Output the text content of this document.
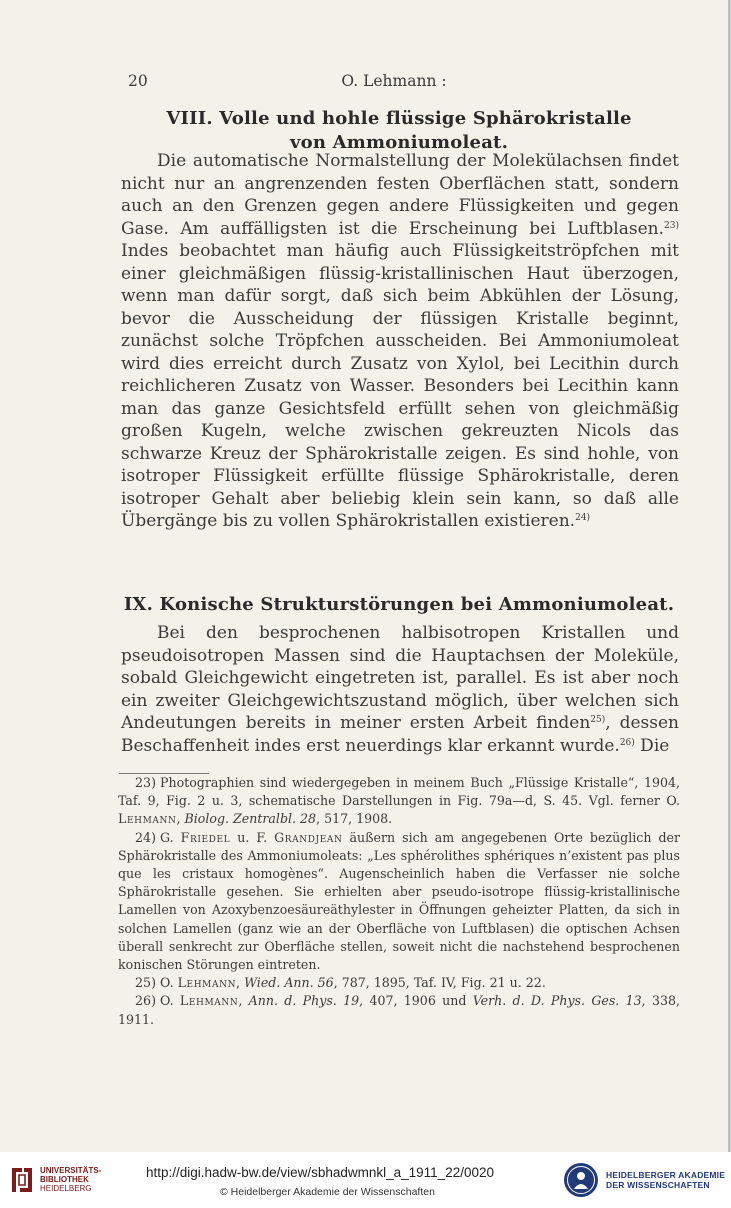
20	O. Lehmann :
VIII. Volle und hohle flüssige Sphärokristalle
von Ammoniumoleat.

Die automatische Normalstellung der Molekülachsen findet nicht nur an angrenzenden festen Oberflächen statt, sondern auch an den Grenzen gegen andere Flüssigkeiten und gegen Gase. Am auffälligsten ist die Erscheinung bei Luftblasen.$^{23)}$ Indes beobachtet man häufig auch Flüssigkeitströpfchen mit einer gleichmäßigen flüssig-kristallinischen Haut überzogen, wenn man dafür sorgt, daß sich beim Abkühlen der Lösung, bevor die Ausscheidung der flüssigen Kristalle beginnt, zunächst solche Tröpfchen ausscheiden. Bei Ammoniumoleat wird dies erreicht durch Zusatz von Xylol, bei Lecithin durch reichlicheren Zusatz von Wasser. Besonders bei Lecithin kann man das ganze Gesichtsfeld erfüllt sehen von gleichmäßig großen Kugeln, welche zwischen gekreuzten Nicols das schwarze Kreuz der Sphärokristalle zeigen. Es sind hohle, von isotroper Flüssigkeit erfüllte flüssige Sphärokristalle, deren isotroper Gehalt aber beliebig klein sein kann, so daß alle Übergänge bis zu vollen Sphärokristallen existieren.$^{24)}$

IX. Konische Strukturstörungen bei Ammoniumoleat.

Bei den besprochenen halbisotropen Kristallen und pseudoisotropen Massen sind die Hauptachsen der Moleküle, sobald Gleichgewicht eingetreten ist, parallel. Es ist aber noch ein zweiter Gleichgewichtszustand möglich, über welchen sich Andeutungen bereits in meiner ersten Arbeit finden$^{25)}$, dessen Beschaffenheit indes erst neuerdings klar erkannt wurde.$^{26)}$ Die

23) Photographien sind wiedergegeben in meinem Buch „Flüssige Kristalle“, 1904, Taf. 9, Fig. 2 u. 3, schematische Darstellungen in Fig. 79a—d, S. 45. Vgl. ferner O. Lehmann, Biolog. Zentralbl. 28, 517, 1908.

24) G. Friedel u. F. Grandjean äußern sich am angegebenen Orte bezüglich der Sphärokristalle des Ammoniumoleats: „Les sphérolithes sphériques n’existent pas plus que les cristaux homogènes“. Augenscheinlich haben die Verfasser nie solche Sphärokristalle gesehen. Sie erhielten aber pseudo-isotrope flüssig-kristallinische Lamellen von Azoxybenzoesäureäthylester in Öffnungen geheizter Platten, da sich in solchen Lamellen (ganz wie an der Oberfläche von Luftblasen) die optischen Achsen überall senkrecht zur Oberfläche stellen, soweit nicht die nachstehend besprochenen konischen Störungen eintreten.

25) O. Lehmann, Wied. Ann. 56, 787, 1895, Taf. IV, Fig. 21 u. 22.

26) O. Lehmann, Ann. d. Phys. 19, 407, 1906 und Verh. d. D. Phys. Ges. 13, 338, 1911.

UNIVERSITÄTS-
BIBLIOTHEK
HEIDELBERG
http://digi.hadw-bw.de/view/sbhadwmnkl_a_1911_22/0020
© Heidelberger Akademie der Wissenschaften
HEIDELBERGER AKADEMIE
DER WISSENSCHAFTEN
